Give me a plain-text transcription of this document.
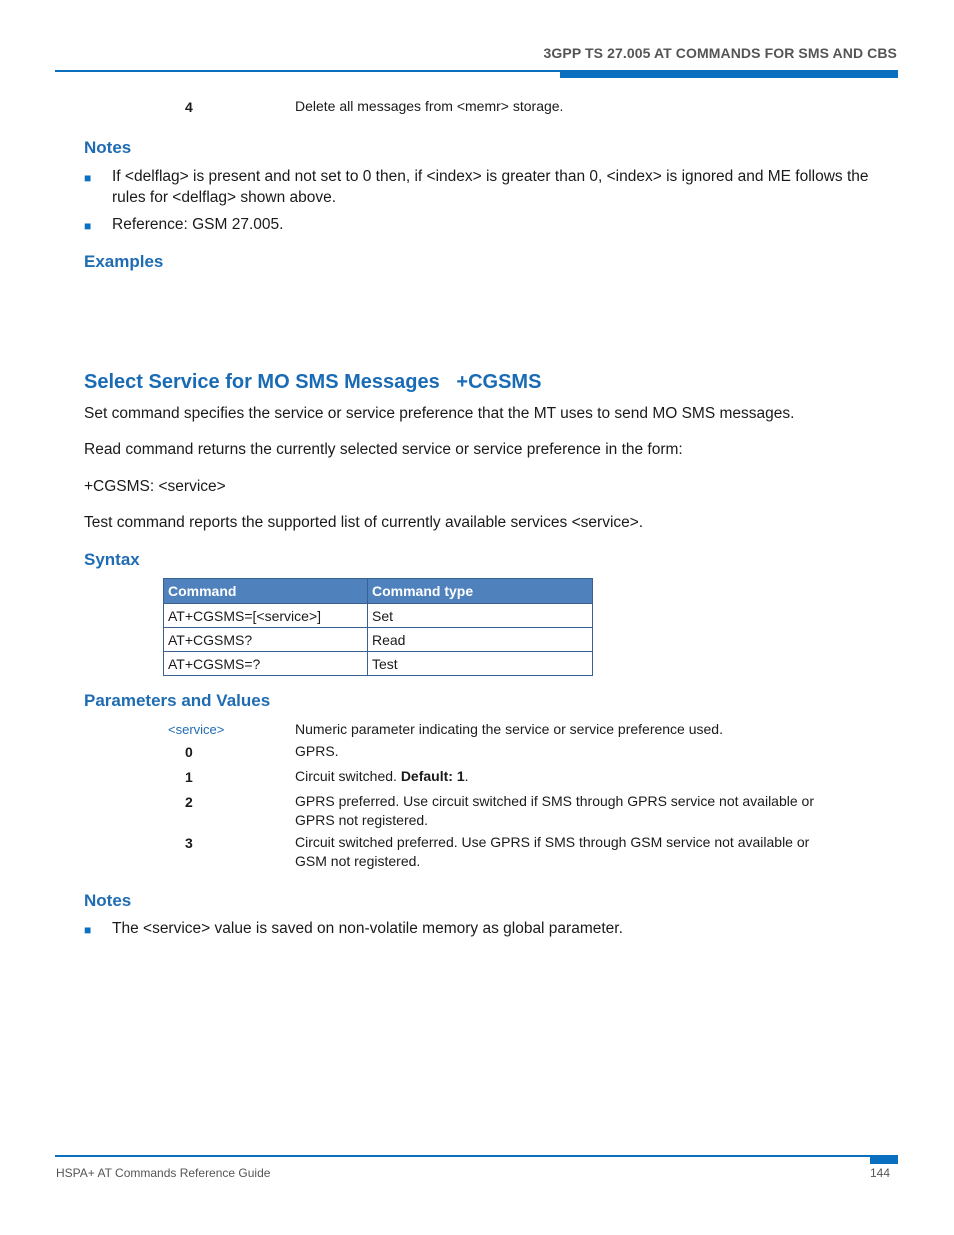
3GPP TS 27.005 AT COMMANDS FOR SMS AND CBS
4	Delete all messages from <memr> storage.
Notes
■ If <delflag> is present and not set to 0 then, if <index> is greater than 0, <index> is ignored and ME follows the
rules for <delflag> shown above.
■ Reference: GSM 27.005.
Examples
Select Service for MO SMS Messages   +CGSMS
Set command specifies the service or service preference that the MT uses to send MO SMS messages.
Read command returns the currently selected service or service preference in the form:
+CGSMS: <service>
Test command reports the supported list of currently available services <service>.
Syntax
Command	Command type
AT+CGSMS=[<service>]	Set
AT+CGSMS?	Read
AT+CGSMS=?	Test
Parameters and Values
<service>	Numeric parameter indicating the service or service preference used.
0	GPRS.
1	Circuit switched. Default: 1.
2	GPRS preferred. Use circuit switched if SMS through GPRS service not available or
GPRS not registered.
3	Circuit switched preferred. Use GPRS if SMS through GSM service not available or
GSM not registered.
Notes
■ The <service> value is saved on non-volatile memory as global parameter.
HSPA+ AT Commands Reference Guide	144
